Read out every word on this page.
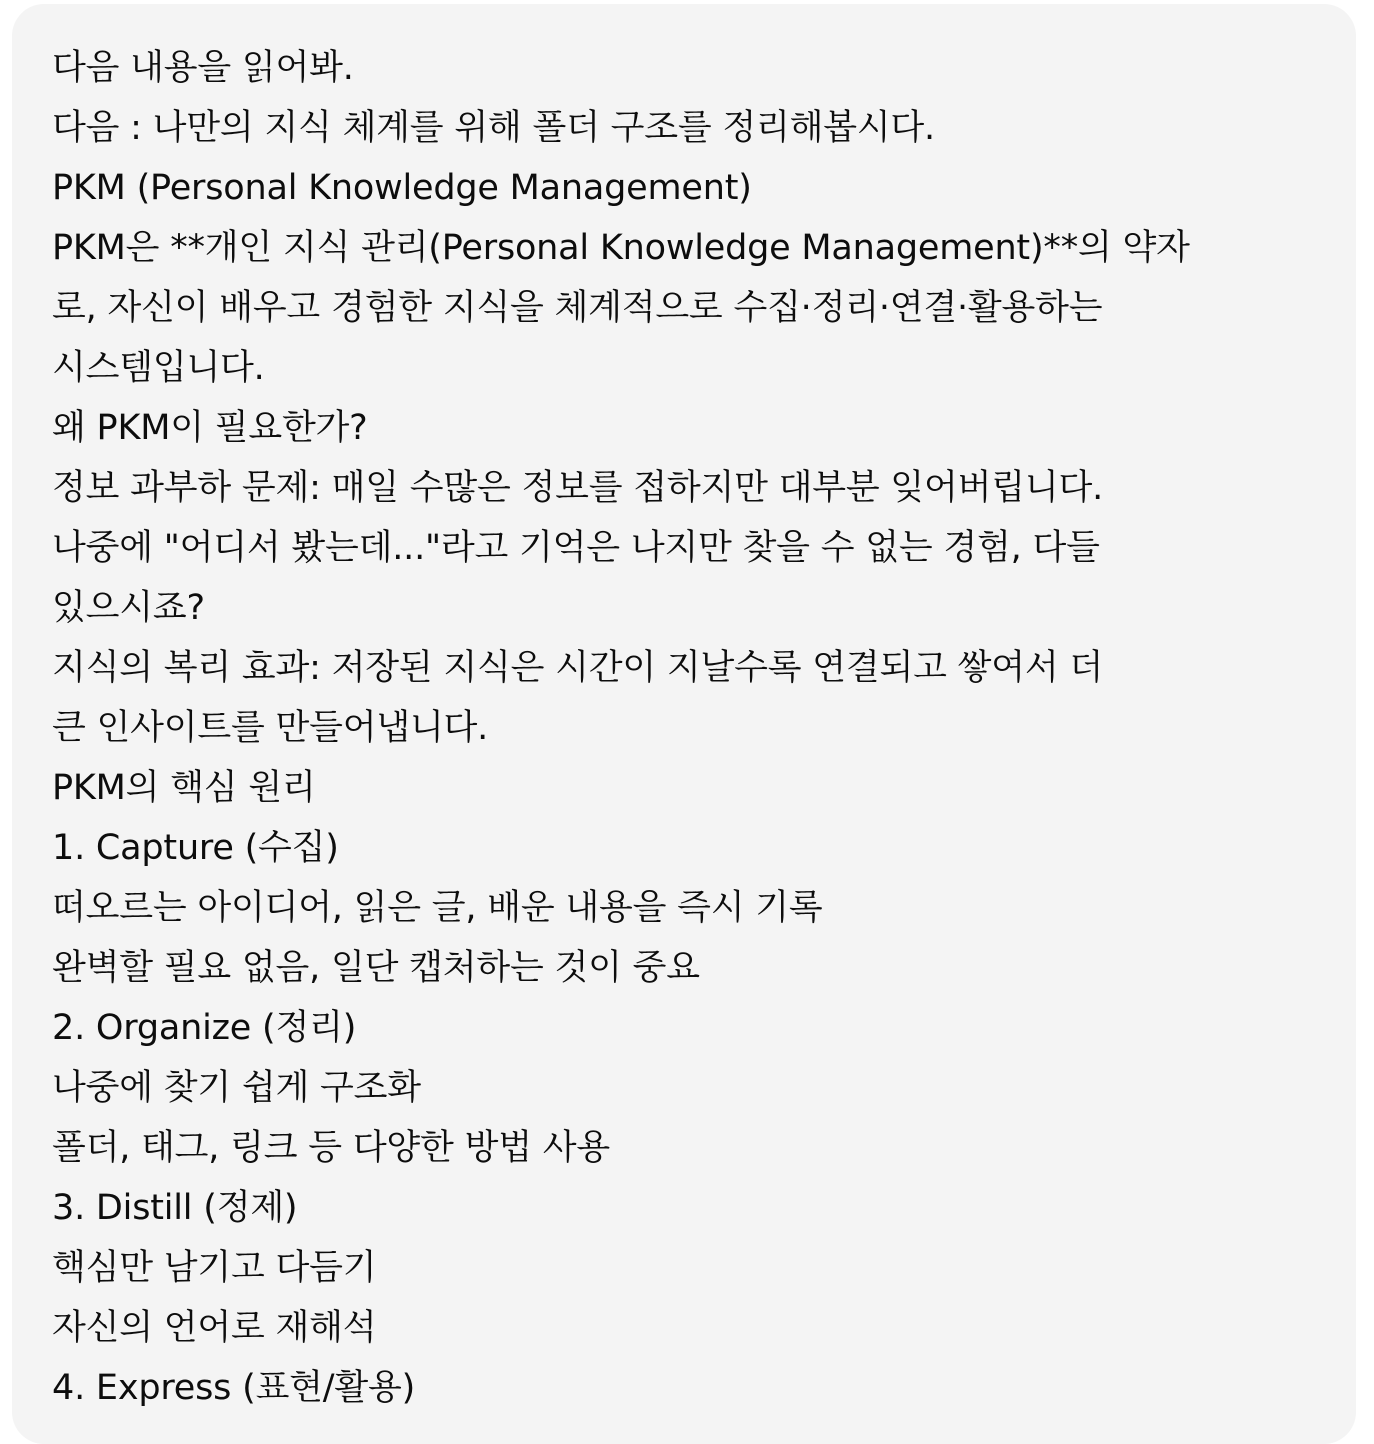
다음 내용을 읽어봐.
다음 : 나만의 지식 체계를 위해 폴더 구조를 정리해봅시다.
PKM (Personal Knowledge Management)
PKM은 **개인 지식 관리(Personal Knowledge Management)**의 약자
로, 자신이 배우고 경험한 지식을 체계적으로 수집·정리·연결·활용하는
시스템입니다.
왜 PKM이 필요한가?
정보 과부하 문제: 매일 수많은 정보를 접하지만 대부분 잊어버립니다.
나중에 "어디서 봤는데..."라고 기억은 나지만 찾을 수 없는 경험, 다들
있으시죠?
지식의 복리 효과: 저장된 지식은 시간이 지날수록 연결되고 쌓여서 더
큰 인사이트를 만들어냅니다.
PKM의 핵심 원리
1. Capture (수집)
떠오르는 아이디어, 읽은 글, 배운 내용을 즉시 기록
완벽할 필요 없음, 일단 캡처하는 것이 중요
2. Organize (정리)
나중에 찾기 쉽게 구조화
폴더, 태그, 링크 등 다양한 방법 사용
3. Distill (정제)
핵심만 남기고 다듬기
자신의 언어로 재해석
4. Express (표현/활용)
